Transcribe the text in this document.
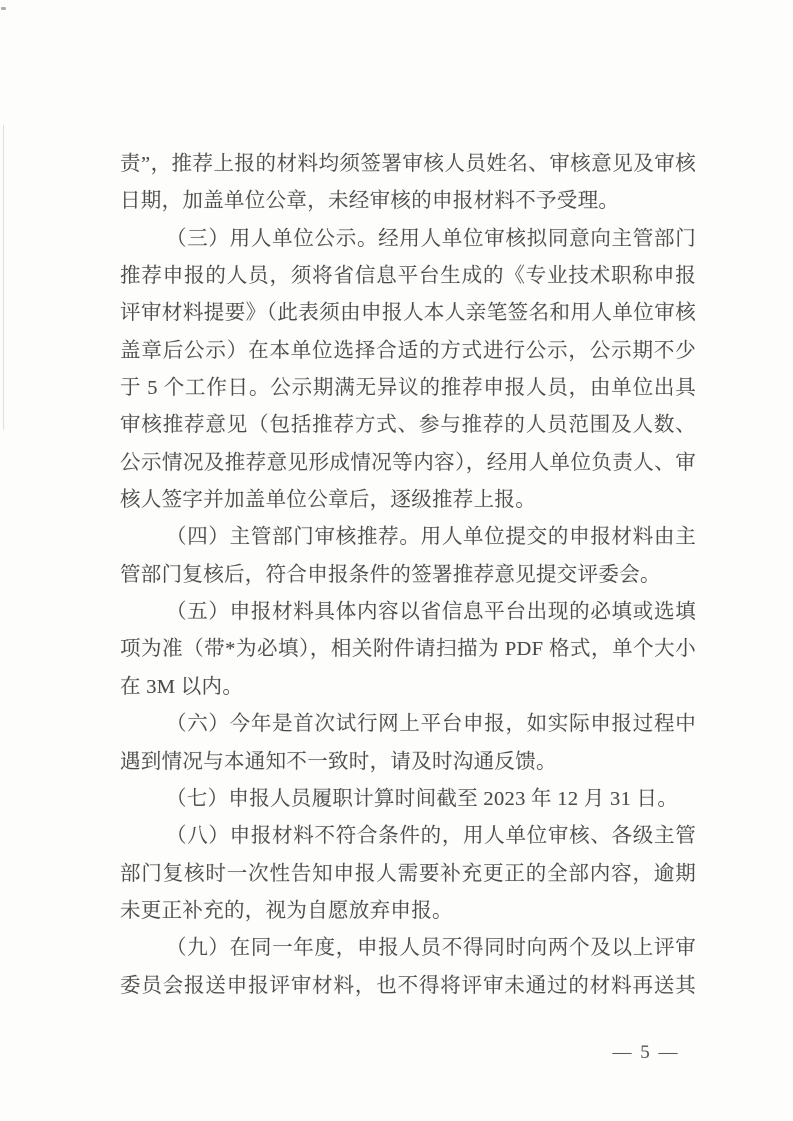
责”，推荐上报的材料均须签署审核人员姓名、审核意见及审核
日期，加盖单位公章，未经审核的申报材料不予受理。
（三）用人单位公示。经用人单位审核拟同意向主管部门
推荐申报的人员，须将省信息平台生成的《专业技术职称申报
评审材料提要》（此表须由申报人本人亲笔签名和用人单位审核
盖章后公示）在本单位选择合适的方式进行公示，公示期不少
于 5 个工作日。公示期满无异议的推荐申报人员，由单位出具
审核推荐意见（包括推荐方式、参与推荐的人员范围及人数、
公示情况及推荐意见形成情况等内容），经用人单位负责人、审
核人签字并加盖单位公章后，逐级推荐上报。
（四）主管部门审核推荐。用人单位提交的申报材料由主
管部门复核后，符合申报条件的签署推荐意见提交评委会。
（五）申报材料具体内容以省信息平台出现的必填或选填
项为准（带*为必填），相关附件请扫描为 PDF 格式，单个大小
在 3M 以内。
（六）今年是首次试行网上平台申报，如实际申报过程中
遇到情况与本通知不一致时，请及时沟通反馈。
（七）申报人员履职计算时间截至 2023 年 12 月 31 日。
（八）申报材料不符合条件的，用人单位审核、各级主管
部门复核时一次性告知申报人需要补充更正的全部内容，逾期
未更正补充的，视为自愿放弃申报。
（九）在同一年度，申报人员不得同时向两个及以上评审
委员会报送申报评审材料，也不得将评审未通过的材料再送其
— 5 —
